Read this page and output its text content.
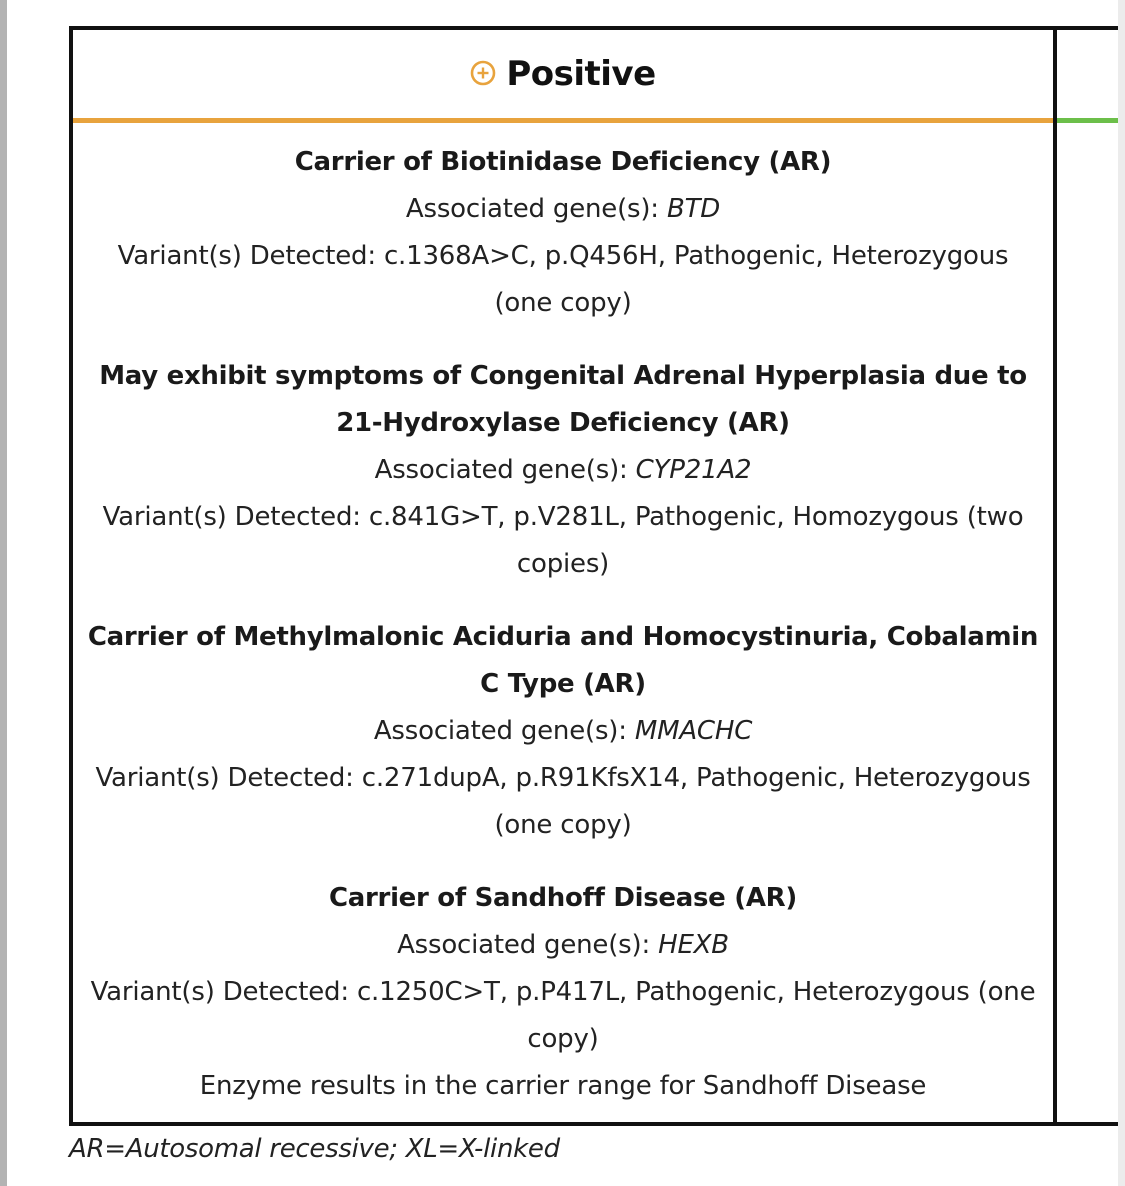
Positive
Carrier of Biotinidase Deficiency (AR)
Associated gene(s): BTD
Variant(s) Detected: c.1368A>C, p.Q456H, Pathogenic, Heterozygous (one copy)
May exhibit symptoms of Congenital Adrenal Hyperplasia due to 21-Hydroxylase Deficiency (AR)
Associated gene(s): CYP21A2
Variant(s) Detected: c.841G>T, p.V281L, Pathogenic, Homozygous (two copies)
Carrier of Methylmalonic Aciduria and Homocystinuria, Cobalamin C Type (AR)
Associated gene(s): MMACHC
Variant(s) Detected: c.271dupA, p.R91KfsX14, Pathogenic, Heterozygous (one copy)
Carrier of Sandhoff Disease (AR)
Associated gene(s): HEXB
Variant(s) Detected: c.1250C>T, p.P417L, Pathogenic, Heterozygous (one copy)
Enzyme results in the carrier range for Sandhoff Disease
AR=Autosomal recessive; XL=X-linked
